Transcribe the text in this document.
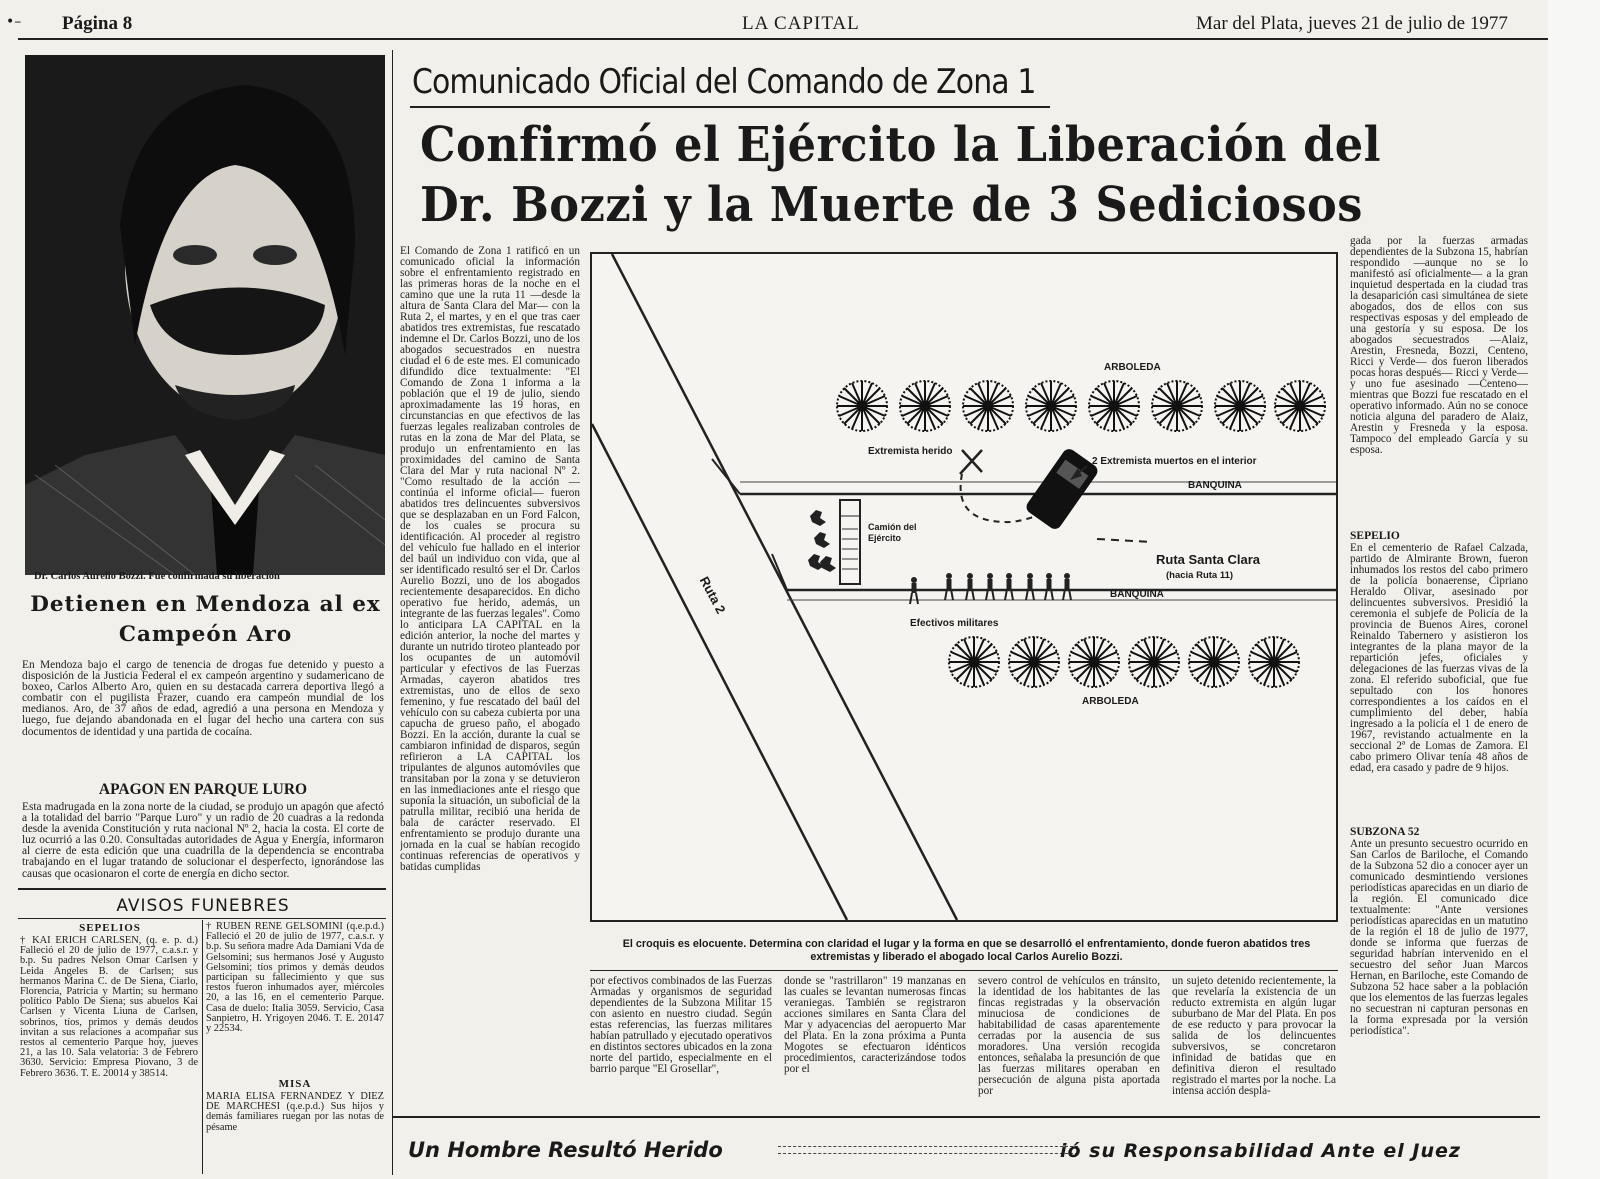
•– Página 8	LA CAPITAL	Mar del Plata, jueves 21 de julio de 1977
Dr. Carlos Aurelio Bozzi. Fue confirmada su liberación
Detienen en Mendoza al ex Campeón Aro
En Mendoza bajo el cargo de tenencia de drogas fue detenido y puesto a disposición de la Justicia Federal el ex campeón argentino y sudamericano de boxeo, Carlos Alberto Aro, quien en su destacada carrera deportiva llegó a combatir con el pugilista Frazer, cuando era campeón mundial de los medianos. Aro, de 37 años de edad, agredió a una persona en Mendoza y luego, fue dejando abandonada en el lugar del hecho una cartera con sus documentos de identidad y una partida de cocaína.
APAGON EN PARQUE LURO
Esta madrugada en la zona norte de la ciudad, se produjo un apagón que afectó a la totalidad del barrio "Parque Luro" y un radio de 20 cuadras a la redonda desde la avenida Constitución y ruta nacional Nº 2, hacia la costa. El corte de luz ocurrió a las 0.20. Consultadas autoridades de Agua y Energía, informaron al cierre de esta edición que una cuadrilla de la dependencia se encontraba trabajando en el lugar tratando de solucionar el desperfecto, ignorándose las causas que ocasionaron el corte de energía en dicho sector.
AVISOS FUNEBRES
SEPELIOS
† KAI ERICH CARLSEN, (q. e. p. d.) Falleció el 20 de julio de 1977, c.a.s.r. y b.p. Su padres Nelson Omar Carlsen y Leida Angeles B. de Carlsen; sus hermanos Marina C. de De Siena, Ciarlo, Florencia, Patricia y Martin; su hermano político Pablo De Siena; sus abuelos Kai Carlsen y Vicenta Liuna de Carlsen, sobrinos, tíos, primos y demás deudos invitan a sus relaciones a acompañar sus restos al cementerio Parque hoy, jueves 21, a las 10. Sala velatoria: 3 de Febrero 3630. Servicio: Empresa Piovano, 3 de Febrero 3636. T. E. 20014 y 38514.
† RUBEN RENE GELSOMINI (q.e.p.d.) Falleció el 20 de julio de 1977, c.a.s.r. y b.p. Su señora madre Ada Damiani Vda de Gelsomini; sus hermanos José y Augusto Gelsomini; tíos primos y demás deudos participan su fallecimiento y que sus restos fueron inhumados ayer, miércoles 20, a las 16, en el cementerio Parque. Casa de duelo: Italia 3059. Servicio, Casa Sanpietro, H. Yrigoyen 2046. T. E. 20147 y 22534.
MISA
MARIA ELISA FERNANDEZ Y DIEZ DE MARCHESI (q.e.p.d.) Sus hijos y demás familiares ruegan por las notas de pésame
Comunicado Oficial del Comando de Zona 1
Confirmó el Ejército la Liberación del
Dr. Bozzi y la Muerte de 3 Sediciosos
El Comando de Zona 1 ratificó en un comunicado oficial la información sobre el enfrentamiento registrado en las primeras horas de la noche en el camino que une la ruta 11 —desde la altura de Santa Clara del Mar— con la Ruta 2, el martes, y en el que tras caer abatidos tres extremistas, fue rescatado indemne el Dr. Carlos Bozzi, uno de los abogados secuestrados en nuestra ciudad el 6 de este mes. El comunicado difundido dice textualmente: "El Comando de Zona 1 informa a la población que el 19 de julio, siendo aproximadamente las 19 horas, en circunstancias en que efectivos de las fuerzas legales realizaban controles de rutas en la zona de Mar del Plata, se produjo un enfrentamiento en las proximidades del camino de Santa Clara del Mar y ruta nacional Nº 2. "Como resultado de la acción —continúa el informe oficial— fueron abatidos tres delincuentes subversivos que se desplazaban en un Ford Falcon, de los cuales se procura su identificación. Al proceder al registro del vehículo fue hallado en el interior del baúl un individuo con vida, que al ser identificado resultó ser el Dr. Carlos Aurelio Bozzi, uno de los abogados recientemente desaparecidos. En dicho operativo fue herido, además, un integrante de las fuerzas legales". Como lo anticipara LA CAPITAL en la edición anterior, la noche del martes y durante un nutrido tiroteo planteado por los ocupantes de un automóvil particular y efectivos de las Fuerzas Armadas, cayeron abatidos tres extremistas, uno de ellos de sexo femenino, y fue rescatado del baúl del vehículo con su cabeza cubierta por una capucha de grueso paño, el abogado Bozzi. En la acción, durante la cual se cambiaron infinidad de disparos, según refirieron a LA CAPITAL los tripulantes de algunos automóviles que transitaban por la zona y se detuvieron en las inmediaciones ante el riesgo que suponía la situación, un suboficial de la patrulla militar, recibió una herida de bala de carácter reservado. El enfrentamiento se produjo durante una jornada en la cual se habían recogido continuas referencias de operativos y batidas cumplidas
ARBOLEDA
Extremista herido
2 Extremista muertos en el interior
BANQUINA
Camión del Ejército
Ruta Santa Clara
(hacia Ruta 11)
Ruta 2	BANQUINA
Efectivos militares
ARBOLEDA
El croquis es elocuente. Determina con claridad el lugar y la forma en que se desarrolló el enfrentamiento, donde fueron abatidos tres extremistas y liberado el abogado local Carlos Aurelio Bozzi.
gada por la fuerzas armadas dependientes de la Subzona 15, habrían respondido —aunque no se lo manifestó así oficialmente— a la gran inquietud despertada en la ciudad tras la desaparición casi simultánea de siete abogados, dos de ellos con sus respectivas esposas y del empleado de una gestoría y su esposa. De los abogados secuestrados —Alaiz, Arestin, Fresneda, Bozzi, Centeno, Ricci y Verde— dos fueron liberados pocas horas después— Ricci y Verde— y uno fue asesinado —Centeno— mientras que Bozzi fue rescatado en el operativo informado. Aún no se conoce noticia alguna del paradero de Alaiz, Arestin y Fresneda y la esposa. Tampoco del empleado García y su esposa.
SEPELIO
En el cementerio de Rafael Calzada, partido de Almirante Brown, fueron inhumados los restos del cabo primero de la policía bonaerense, Cipriano Heraldo Olivar, asesinado por delincuentes subversivos. Presidió la ceremonia el subjefe de Policía de la provincia de Buenos Aires, coronel Reinaldo Tabernero y asistieron los integrantes de la plana mayor de la repartición jefes, oficiales y delegaciones de las fuerzas vivas de la zona. El referido suboficial, que fue sepultado con los honores correspondientes a los caídos en el cumplimiento del deber, había ingresado a la policía el 1 de enero de 1967, revistando actualmente en la seccional 2ª de Lomas de Zamora. El cabo primero Olivar tenía 48 años de edad, era casado y padre de 9 hijos.
SUBZONA 52
Ante un presunto secuestro ocurrido en San Carlos de Bariloche, el Comando de la Subzona 52 dio a conocer ayer un comunicado desmintiendo versiones periodísticas aparecidas en un diario de la región. El comunicado dice textualmente: "Ante versiones periodísticas aparecidas en un matutino de la región el 18 de julio de 1977, donde se informa que fuerzas de seguridad habrían intervenido en el secuestro del señor Juan Marcos Hernan, en Bariloche, este Comando de Subzona 52 hace saber a la población que los elementos de las fuerzas legales no secuestran ni capturan personas en la forma expresada por la versión periodística".
por efectivos combinados de las Fuerzas Armadas y organismos de seguridad dependientes de la Subzona Militar 15 con asiento en nuestro ciudad. Según estas referencias, las fuerzas militares habían patrullado y ejecutado operativos en distintos sectores ubicados en la zona norte del partido, especialmente en el barrio parque "El Grosellar",
donde se "rastrillaron" 19 manzanas en las cuales se levantan numerosas fincas veraniegas. También se registraron acciones similares en Santa Clara del Mar y adyacencias del aeropuerto Mar del Plata. En la zona próxima a Punta Mogotes se efectuaron idénticos procedimientos, caracterizándose todos por el
severo control de vehículos en tránsito, la identidad de los habitantes de las fincas registradas y la observación minuciosa de condiciones de habitabilidad de casas aparentemente cerradas por la ausencia de sus moradores. Una versión recogida entonces, señalaba la presunción de que las fuerzas militares operaban en persecución de alguna pista aportada por
un sujeto detenido recientemente, la que revelaría la existencia de un reducto extremista en algún lugar suburbano de Mar del Plata. En pos de ese reducto y para provocar la salida de los delincuentes subversivos, se concretaron infinidad de batidas que en definitiva dieron el resultado registrado el martes por la noche. La intensa acción despla-
Un Hombre Resultó Herido	ió su Responsabilidad Ante el Juez
